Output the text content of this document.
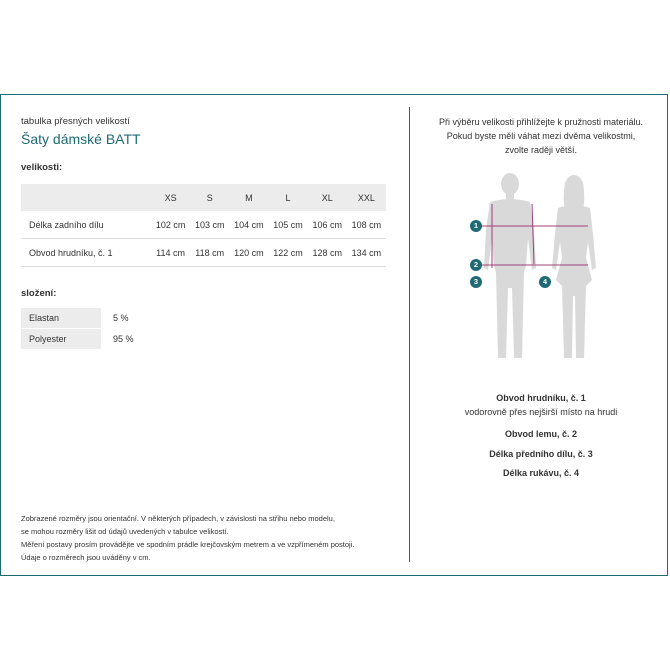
tabulka přesných velikostí
Šaty dámské BATT
velikosti:
	XS	S	M	L	XL	XXL
Délka zadního dílu	102 cm	103 cm	104 cm	105 cm	106 cm	108 cm
Obvod hrudníku, č. 1	114 cm	118 cm	120 cm	122 cm	128 cm	134 cm
složení:
Elastan	5 %
Polyester	95 %
Zobrazené rozměry jsou orientační. V některých případech, v závislosti na střihu nebo modelu,
se mohou rozměry lišit od údajů uvedených v tabulce velikostí.
Měření postavy prosím provádějte ve spodním prádle krejčovským metrem a ve vzpřímeném postoji.
Údaje o rozměrech jsou uváděny v cm.
Při výběru velikosti přihlížejte k pružnosti materiálu.
Pokud byste měli váhat mezi dvěma velikostmi,
zvolte raději větší.
1
2
3	4
Obvod hrudníku, č. 1
vodorovně přes nejširší místo na hrudi
Obvod lemu, č. 2
Délka předního dílu, č. 3
Délka rukávu, č. 4
